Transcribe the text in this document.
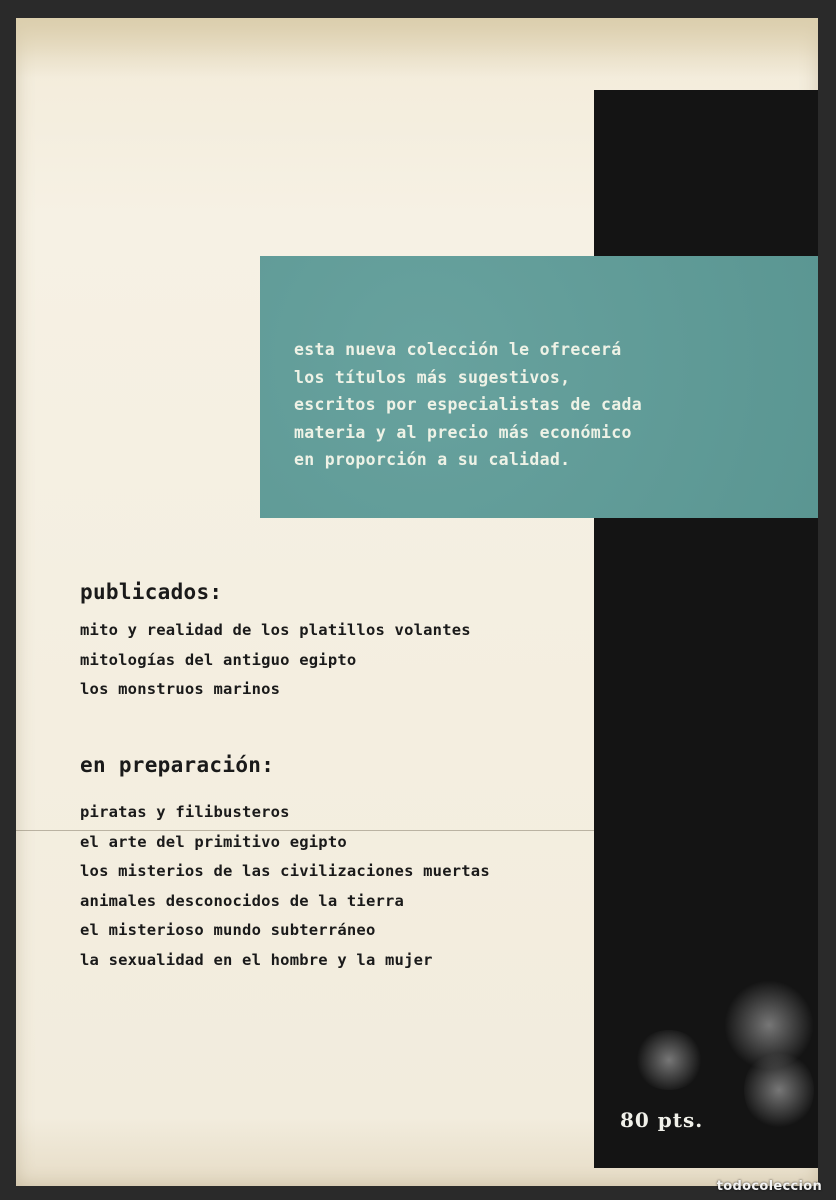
esta nueva colección le ofrecerá
los títulos más sugestivos,
escritos por especialistas de cada
materia y al precio más económico
en proporción a su calidad.
publicados:
mito y realidad de los platillos volantes
mitologías del antiguo egipto
los monstruos marinos
en preparación:
piratas y filibusteros
el arte del primitivo egipto
los misterios de las civilizaciones muertas
animales desconocidos de la tierra
el misterioso mundo subterráneo
la sexualidad en el hombre y la mujer
80 pts.
todocoleccion
